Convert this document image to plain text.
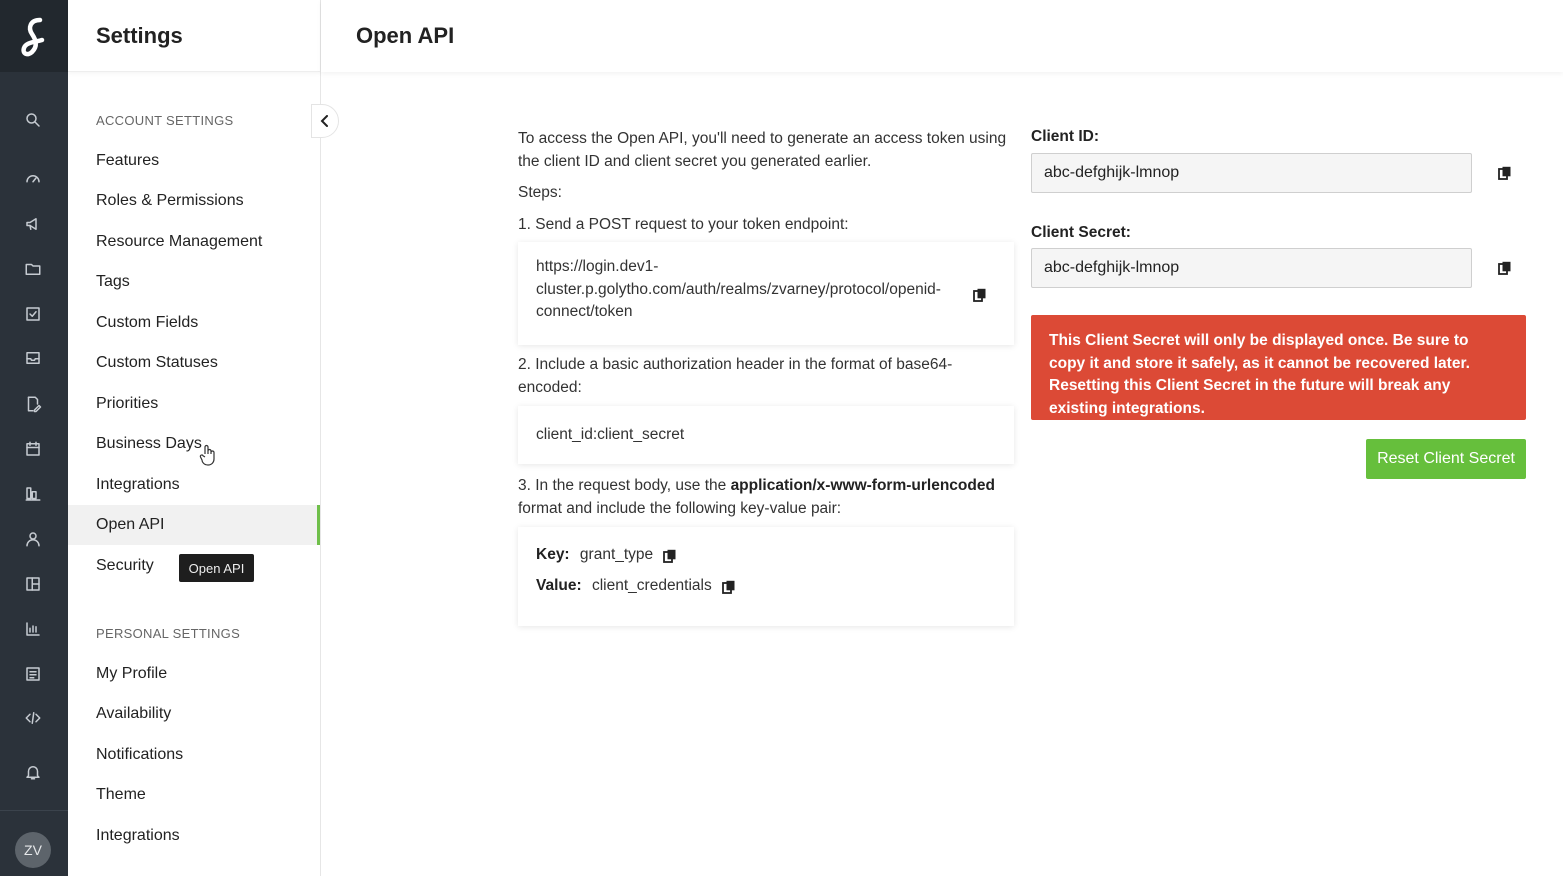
ZV
Settings
ACCOUNT SETTINGS
Features
Roles & Permissions
Resource Management
Tags
Custom Fields
Custom Statuses
Priorities
Business Days
Integrations
Open API
Security
PERSONAL SETTINGS
My Profile
Availability
Notifications
Theme
Integrations
Open API
Open API

To access the Open API, you'll need to generate an access token using the client ID and client secret you generated earlier.

Steps:

1. Send a POST request to your token endpoint:

https://login.dev1-
cluster.p.golytho.com/auth/realms/zvarney/protocol/openid-
connect/token

2. Include a basic authorization header in the format of base64-encoded:

client_id:client_secret

3. In the request body, use the application/x-www-form-urlencoded format and include the following key-value pair:

Key: grant_type
Value: client_credentials
Client ID:
abc-defghijk-lmnop
Client Secret:
abc-defghijk-lmnop
This Client Secret will only be displayed once. Be sure to copy it and store it safely, as it cannot be recovered later. Resetting this Client Secret in the future will break any existing integrations.
Reset Client Secret
